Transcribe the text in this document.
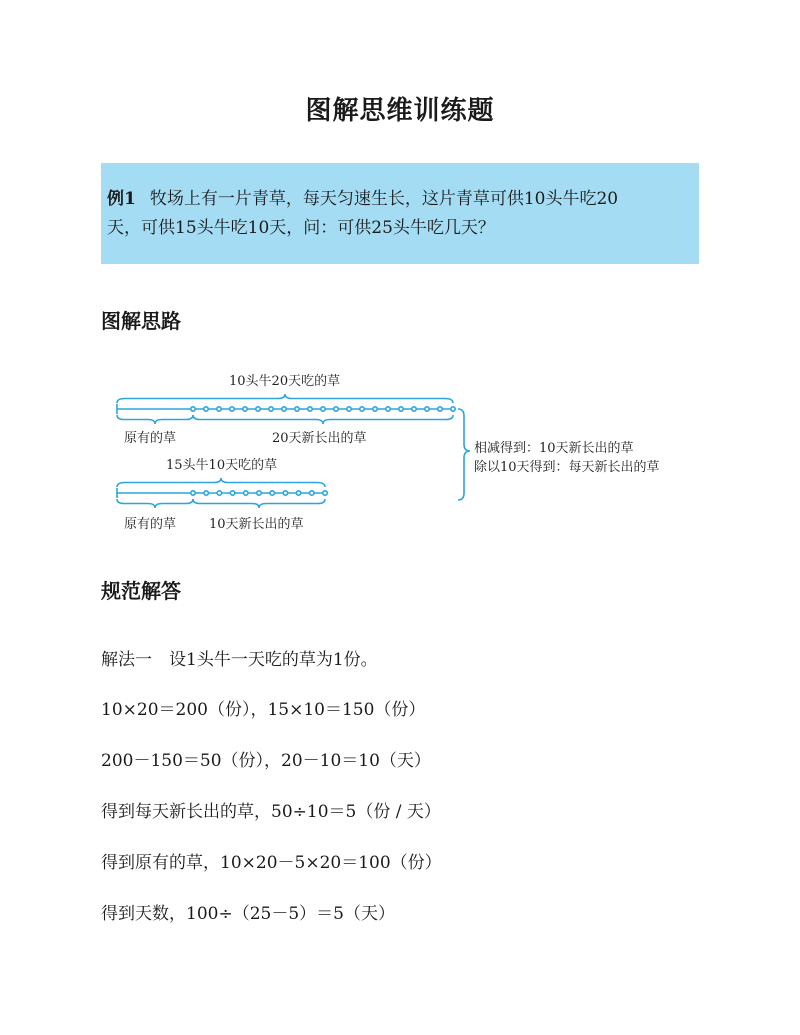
图解思维训练题
例1 牧场上有一片青草，每天匀速生长，这片青草可供10头牛吃20
天，可供15头牛吃10天，问：可供25头牛吃几天？
图解思路
10头牛20天吃的草
原有的草	20天新长出的草
15头牛10天吃的草
原有的草	10天新长出的草
相减得到：10天新长出的草
除以10天得到：每天新长出的草
规范解答
解法一　设1头牛一天吃的草为1份。
10×20＝200（份），15×10＝150（份）
200－150＝50（份），20－10＝10（天）
得到每天新长出的草，50÷10＝5（份 / 天）
得到原有的草，10×20－5×20＝100（份）
得到天数，100÷（25－5）＝5（天）
